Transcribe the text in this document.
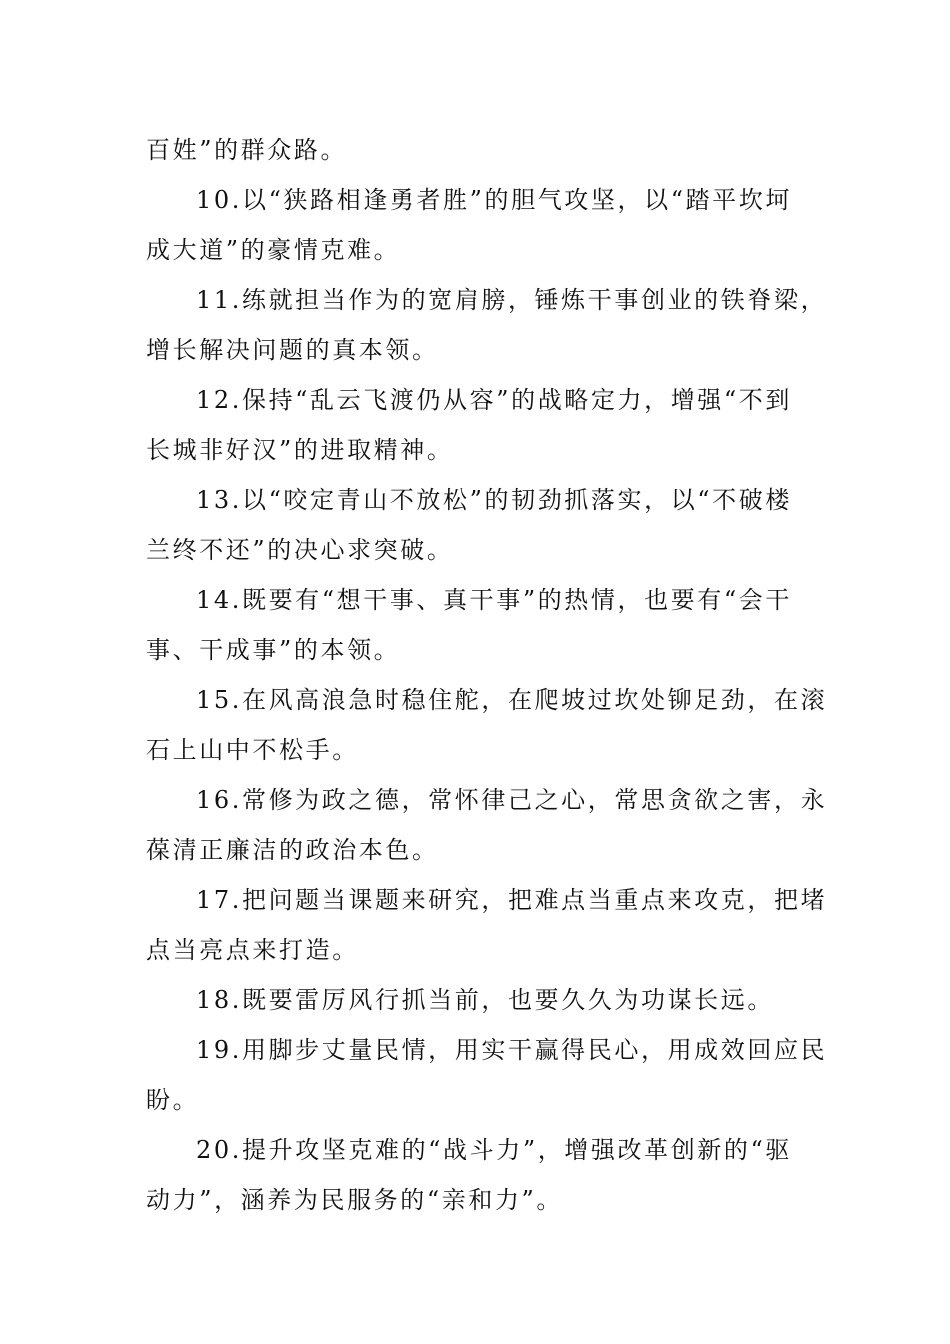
百姓”的群众路。
10.以“狭路相逢勇者胜”的胆气攻坚，以“踏平坎坷
成大道”的豪情克难。
11.练就担当作为的宽肩膀，锤炼干事创业的铁脊梁，
增长解决问题的真本领。
12.保持“乱云飞渡仍从容”的战略定力，增强“不到
长城非好汉”的进取精神。
13.以“咬定青山不放松”的韧劲抓落实，以“不破楼
兰终不还”的决心求突破。
14.既要有“想干事、真干事”的热情，也要有“会干
事、干成事”的本领。
15.在风高浪急时稳住舵，在爬坡过坎处铆足劲，在滚
石上山中不松手。
16.常修为政之德，常怀律己之心，常思贪欲之害，永
葆清正廉洁的政治本色。
17.把问题当课题来研究，把难点当重点来攻克，把堵
点当亮点来打造。
18.既要雷厉风行抓当前，也要久久为功谋长远。
19.用脚步丈量民情，用实干赢得民心，用成效回应民
盼。
20.提升攻坚克难的“战斗力”，增强改革创新的“驱
动力”，涵养为民服务的“亲和力”。
